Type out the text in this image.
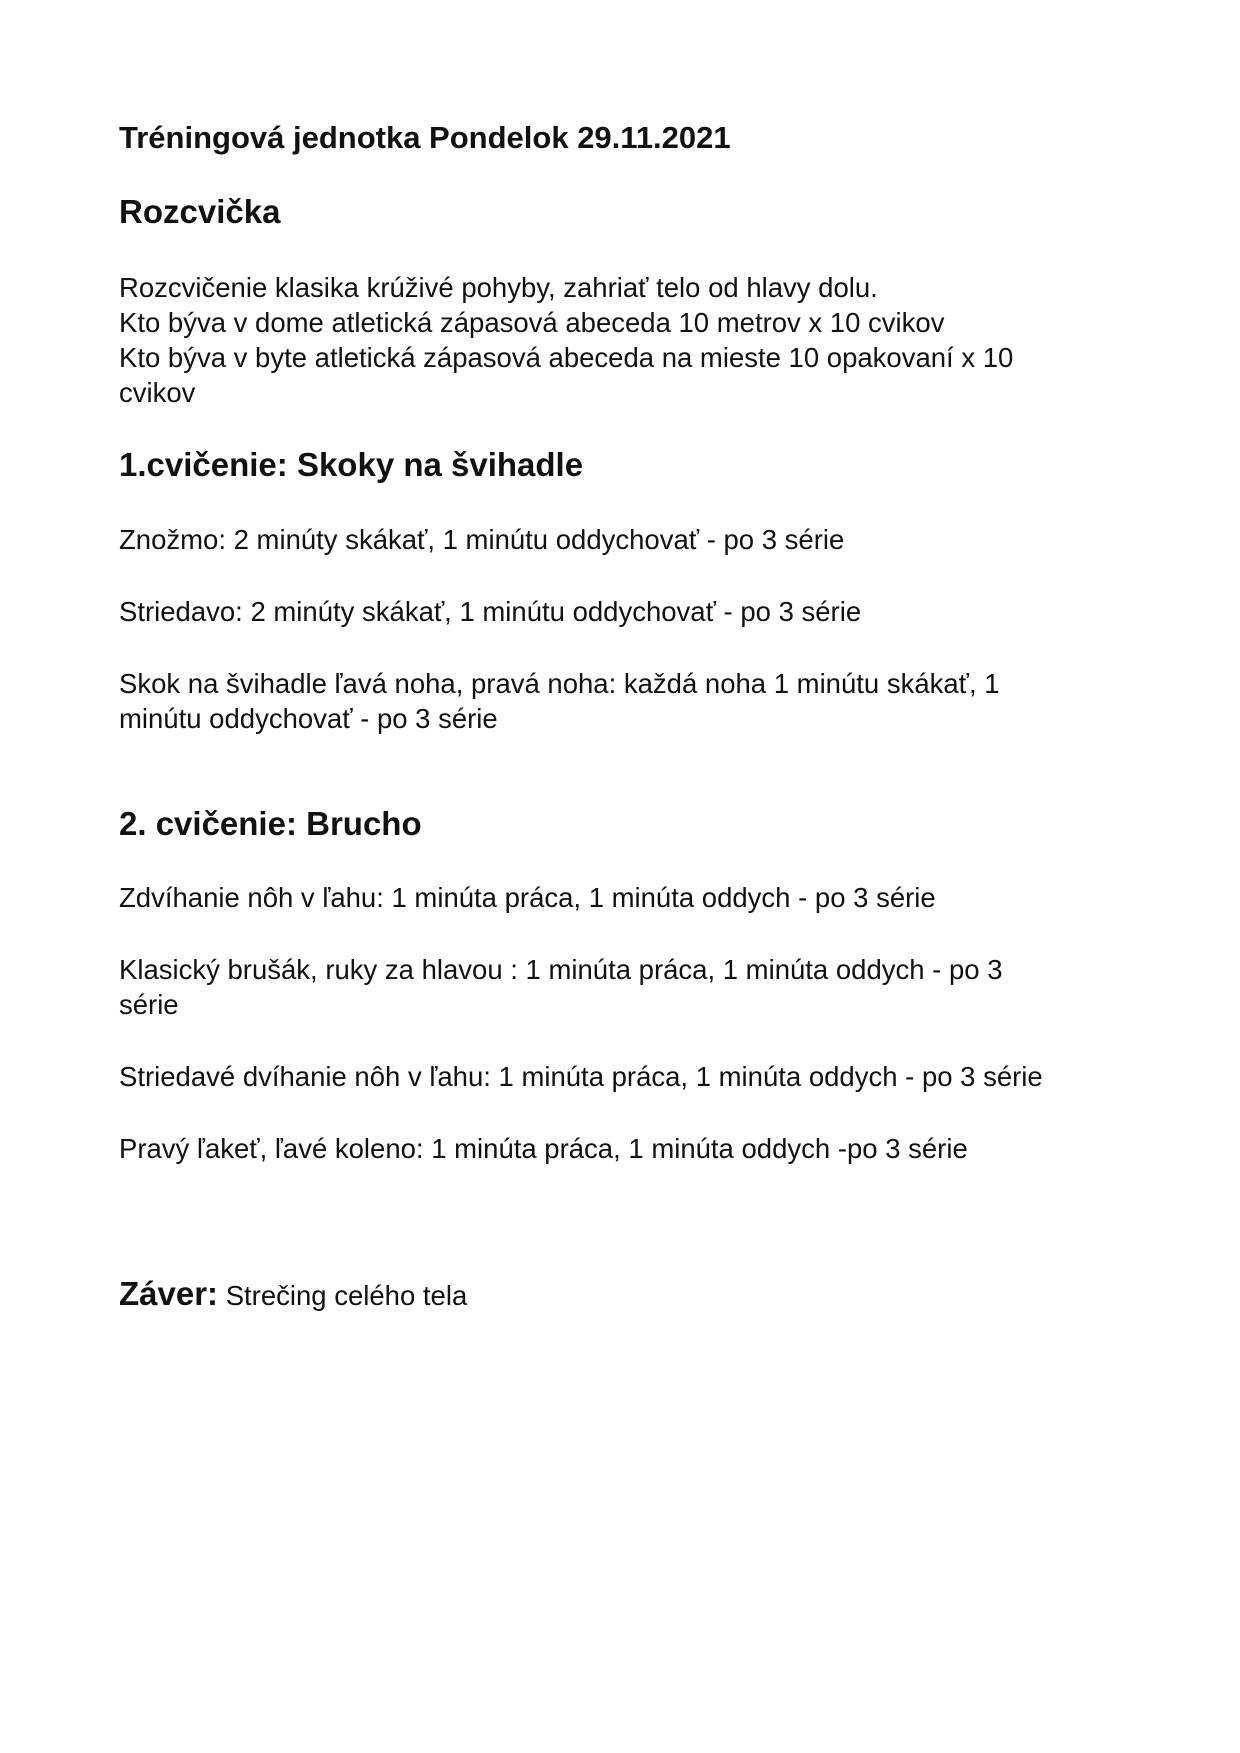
Tréningová jednotka Pondelok 29.11.2021
Rozcvička
Rozcvičenie klasika krúživé pohyby, zahriať telo od hlavy dolu.
Kto býva v dome atletická zápasová abeceda 10 metrov x 10 cvikov
Kto býva v byte atletická zápasová abeceda na mieste 10 opakovaní x 10
cvikov
1.cvičenie: Skoky na švihadle
Znožmo: 2 minúty skákať, 1 minútu oddychovať - po 3 série
Striedavo: 2 minúty skákať, 1 minútu oddychovať - po 3 série
Skok na švihadle ľavá noha, pravá noha: každá noha 1 minútu skákať, 1
minútu oddychovať - po 3 série
2. cvičenie: Brucho
Zdvíhanie nôh v ľahu: 1 minúta práca, 1 minúta oddych - po 3 série
Klasický brušák, ruky za hlavou : 1 minúta práca, 1 minúta oddych - po 3
série
Striedavé dvíhanie nôh v ľahu: 1 minúta práca, 1 minúta oddych - po 3 série
Pravý ľakeť, ľavé koleno: 1 minúta práca, 1 minúta oddych -po 3 série
Záver: Strečing celého tela
